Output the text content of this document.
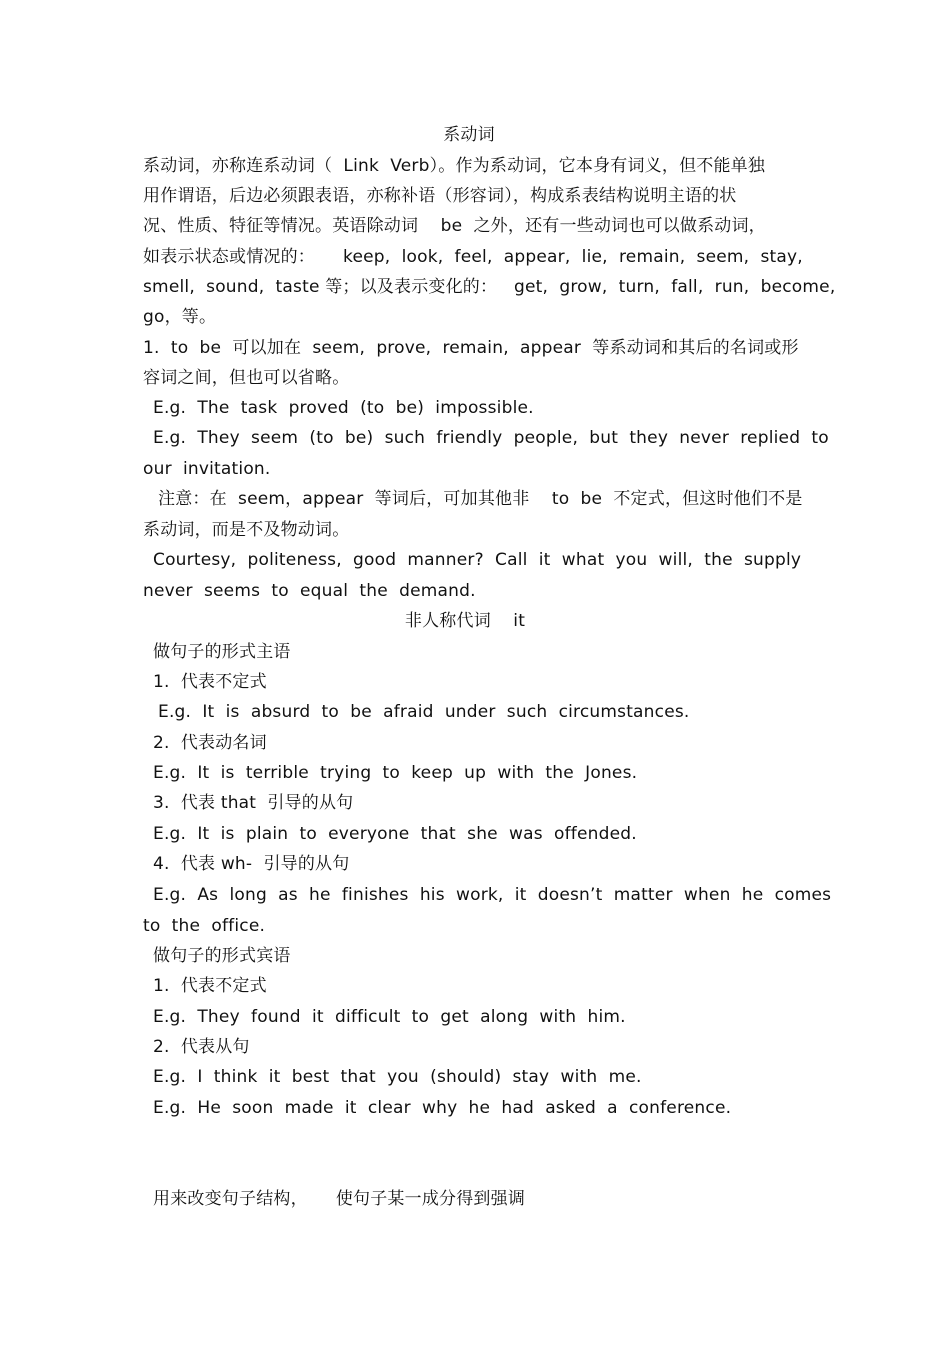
系动词
系动词，亦称连系动词（  Link  Verb）。作为系动词，它本身有词义，但不能单独
用作谓语，后边必须跟表语，亦称补语（形容词），构成系表结构说明主语的状
况、性质、特征等情况。英语除动词    be  之外，还有一些动词也可以做系动词，
如表示状态或情况的：     keep,  look,  feel,  appear,  lie,  remain,  seem,  stay,
smell,  sound,  taste 等；以及表示变化的：   get,  grow,  turn,  fall,  run,  become,
go，等。
1.  to  be  可以加在  seem,  prove,  remain,  appear  等系动词和其后的名词或形
容词之间，但也可以省略。
E.g.  The  task  proved  (to  be)  impossible.
E.g.  They  seem  (to  be)  such  friendly  people,  but  they  never  replied  to
our  invitation.
注意：在  seem，appear  等词后，可加其他非    to  be  不定式，但这时他们不是
系动词，而是不及物动词。
Courtesy,  politeness,  good  manner?  Call  it  what  you  will,  the  supply
never  seems  to  equal  the  demand.
非人称代词    it
做句子的形式主语
1.  代表不定式
E.g.  It  is  absurd  to  be  afraid  under  such  circumstances.
2.  代表动名词
E.g.  It  is  terrible  trying  to  keep  up  with  the  Jones.
3.  代表 that  引导的从句
E.g.  It  is  plain  to  everyone  that  she  was  offended.
4.  代表 wh-  引导的从句
E.g.  As  long  as  he  finishes  his  work,  it  doesn’t  matter  when  he  comes
to  the  office.
做句子的形式宾语
1.  代表不定式
E.g.  They  found  it  difficult  to  get  along  with  him.
2.  代表从句
E.g.  I  think  it  best  that  you  (should)  stay  with  me.
E.g.  He  soon  made  it  clear  why  he  had  asked  a  conference.
用来改变句子结构，     使句子某一成分得到强调
